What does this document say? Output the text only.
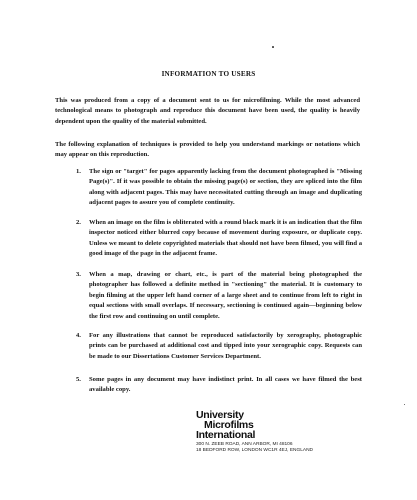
INFORMATION TO USERS

This was produced from a copy of a document sent to us for microfilming. While the most advanced technological means to photograph and reproduce this document have been used, the quality is heavily dependent upon the quality of the material submitted.

The following explanation of techniques is provided to help you understand markings or notations which may appear on this reproduction.

1.	The sign or "target" for pages apparently lacking from the document photographed is "Missing Page(s)". If it was possible to obtain the missing page(s) or section, they are spliced into the film along with adjacent pages. This may have necessitated cutting through an image and duplicating adjacent pages to assure you of complete continuity.
2.	When an image on the film is obliterated with a round black mark it is an indication that the film inspector noticed either blurred copy because of movement during exposure, or duplicate copy. Unless we meant to delete copyrighted materials that should not have been filmed, you will find a good image of the page in the adjacent frame.
3.	When a map, drawing or chart, etc., is part of the material being photographed the photographer has followed a definite method in "sectioning" the material. It is customary to begin filming at the upper left hand corner of a large sheet and to continue from left to right in equal sections with small overlaps. If necessary, sectioning is continued again—beginning below the first row and continuing on until complete.
4.	For any illustrations that cannot be reproduced satisfactorily by xerography, photographic prints can be purchased at additional cost and tipped into your xerographic copy. Requests can be made to our Dissertations Customer Services Department.
5.	Some pages in any document may have indistinct print. In all cases we have filmed the best available copy.
University
Microfilms
International
300 N. ZEEB ROAD, ANN ARBOR, MI 48106
18 BEDFORD ROW, LONDON WC1R 4EJ, ENGLAND
